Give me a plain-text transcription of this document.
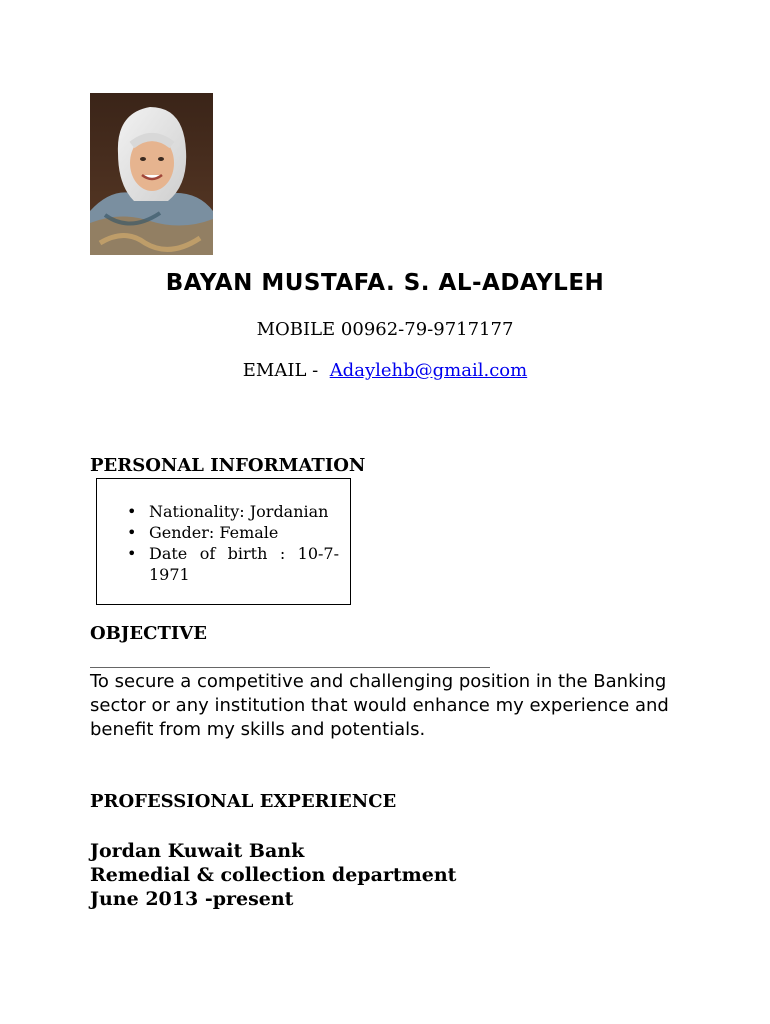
BAYAN MUSTAFA. S. AL-ADAYLEH
MOBILE 00962-79-9717177
EMAIL -  Adaylehb@gmail.com
PERSONAL INFORMATION
• Nationality: Jordanian
• Gender: Female
• Date of birth : 10-7-1971
OBJECTIVE
__________________________________________________
To secure a competitive and challenging position in the Banking sector or any institution that would enhance my experience and benefit from my skills and potentials.
PROFESSIONAL EXPERIENCE
Jordan Kuwait Bank
Remedial & collection department
June 2013 -present
